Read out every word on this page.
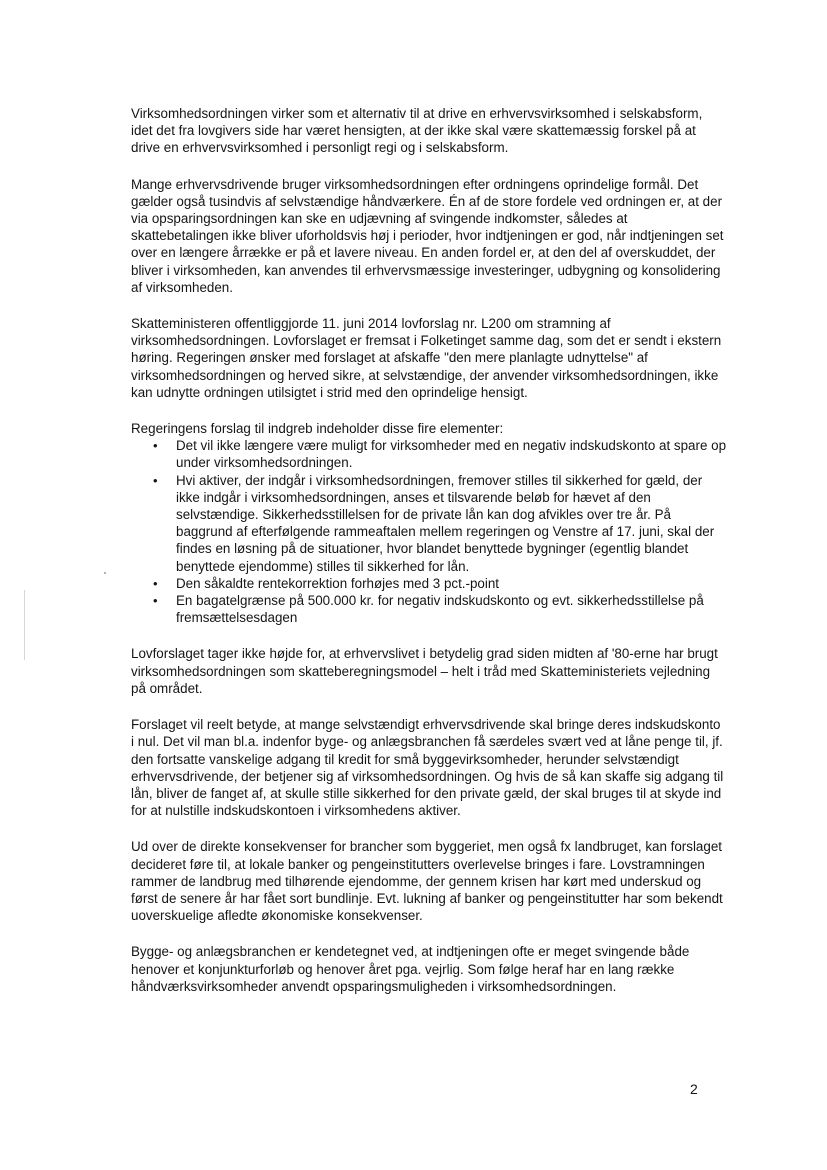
Virksomhedsordningen virker som et alternativ til at drive en erhvervsvirksomhed i selskabsform, idet det fra lovgivers side har været hensigten, at der ikke skal være skattemæssig forskel på at drive en erhvervsvirksomhed i personligt regi og i selskabsform.

Mange erhvervsdrivende bruger virksomhedsordningen efter ordningens oprindelige formål. Det gælder også tusindvis af selvstændige håndværkere. Én af de store fordele ved ordningen er, at der via opsparingsordningen kan ske en udjævning af svingende indkomster, således at skattebetalingen ikke bliver uforholdsvis høj i perioder, hvor indtjeningen er god, når indtjeningen set over en længere årrække er på et lavere niveau. En anden fordel er, at den del af overskuddet, der bliver i virksomheden, kan anvendes til erhvervsmæssige investeringer, udbygning og konsolidering af virksomheden.

Skatteministeren offentliggjorde 11. juni 2014 lovforslag nr. L200 om stramning af virksomhedsordningen. Lovforslaget er fremsat i Folketinget samme dag, som det er sendt i ekstern høring. Regeringen ønsker med forslaget at afskaffe "den mere planlagte udnyttelse" af virksomhedsordningen og herved sikre, at selvstændige, der anvender virksomhedsordningen, ikke kan udnytte ordningen utilsigtet i strid med den oprindelige hensigt.

Regeringens forslag til indgreb indeholder disse fire elementer:

• Det vil ikke længere være muligt for virksomheder med en negativ indskudskonto at spare op under virksomhedsordningen.
• Hvi aktiver, der indgår i virksomhedsordningen, fremover stilles til sikkerhed for gæld, der ikke indgår i virksomhedsordningen, anses et tilsvarende beløb for hævet af den selvstændige. Sikkerhedsstillelsen for de private lån kan dog afvikles over tre år. På baggrund af efterfølgende rammeaftalen mellem regeringen og Venstre af 17. juni, skal der findes en løsning på de situationer, hvor blandet benyttede bygninger (egentlig blandet benyttede ejendomme) stilles til sikkerhed for lån.
• Den såkaldte rentekorrektion forhøjes med 3 pct.-point
• En bagatelgrænse på 500.000 kr. for negativ indskudskonto og evt. sikkerhedsstillelse på fremsættelsesdagen

Lovforslaget tager ikke højde for, at erhvervslivet i betydelig grad siden midten af '80-erne har brugt virksomhedsordningen som skatteberegningsmodel – helt i tråd med Skatteministeriets vejledning på området.

Forslaget vil reelt betyde, at mange selvstændigt erhvervsdrivende skal bringe deres indskudskonto i nul. Det vil man bl.a. indenfor byge- og anlægsbranchen få særdeles svært ved at låne penge til, jf. den fortsatte vanskelige adgang til kredit for små byggevirksomheder, herunder selvstændigt erhvervsdrivende, der betjener sig af virksomhedsordningen. Og hvis de så kan skaffe sig adgang til lån, bliver de fanget af, at skulle stille sikkerhed for den private gæld, der skal bruges til at skyde ind for at nulstille indskudskontoen i virksomhedens aktiver.

Ud over de direkte konsekvenser for brancher som byggeriet, men også fx landbruget, kan forslaget decideret føre til, at lokale banker og pengeinstitutters overlevelse bringes i fare. Lovstramningen rammer de landbrug med tilhørende ejendomme, der gennem krisen har kørt med underskud og først de senere år har fået sort bundlinje. Evt. lukning af banker og pengeinstitutter har som bekendt uoverskuelige afledte økonomiske konsekvenser.

Bygge- og anlægsbranchen er kendetegnet ved, at indtjeningen ofte er meget svingende både henover et konjunkturforløb og henover året pga. vejrlig. Som følge heraf har en lang række håndværksvirksomheder anvendt opsparingsmuligheden i virksomhedsordningen.

2
